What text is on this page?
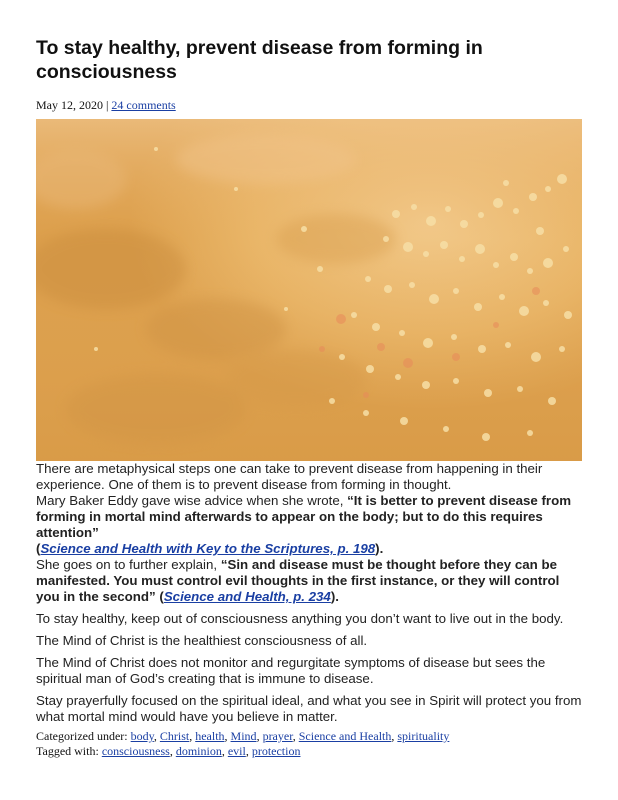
To stay healthy, prevent disease from forming in consciousness
May 12, 2020 | 24 comments

There are metaphysical steps one can take to prevent disease from happening in their experience. One of them is to prevent disease from forming in thought.

Mary Baker Eddy gave wise advice when she wrote, “It is better to prevent disease from forming in mortal mind afterwards to appear on the body; but to do this requires attention”

(Science and Health with Key to the Scriptures, p. 198).

She goes on to further explain, “Sin and disease must be thought before they can be manifested. You must control evil thoughts in the first instance, or they will control you in the second” (Science and Health, p. 234).

To stay healthy, keep out of consciousness anything you don’t want to live out in the body.

The Mind of Christ is the healthiest consciousness of all.

The Mind of Christ does not monitor and regurgitate symptoms of disease but sees the spiritual man of God’s creating that is immune to disease.

Stay prayerfully focused on the spiritual ideal, and what you see in Spirit will protect you from what mortal mind would have you believe in matter.

Categorized under: body, Christ, health, Mind, prayer, Science and Health, spirituality
Tagged with: consciousness, dominion, evil, protection
